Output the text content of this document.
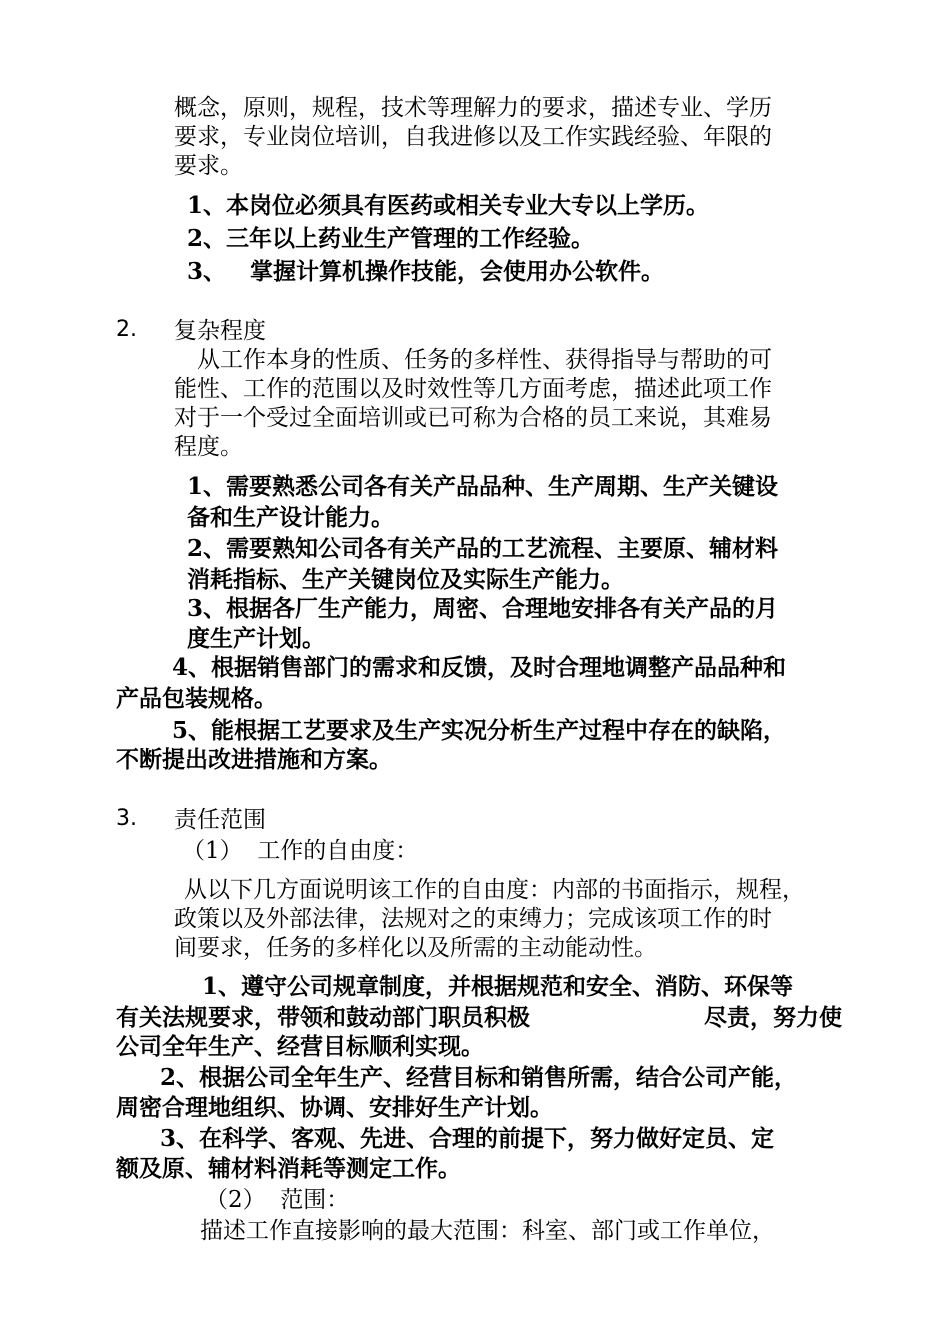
概念，原则，规程，技术等理解力的要求，描述专业、学历
要求，专业岗位培训，自我进修以及工作实践经验、年限的
要求。
1、本岗位必须具有医药或相关专业大专以上学历。
2、三年以上药业生产管理的工作经验。
3、   掌握计算机操作技能，会使用办公软件。
2. 复杂程度
从工作本身的性质、任务的多样性、获得指导与帮助的可
能性、工作的范围以及时效性等几方面考虑，描述此项工作
对于一个受过全面培训或已可称为合格的员工来说，其难易
程度。
1、需要熟悉公司各有关产品品种、生产周期、生产关键设
备和生产设计能力。
2、需要熟知公司各有关产品的工艺流程、主要原、辅材料
消耗指标、生产关键岗位及实际生产能力。
3、根据各厂生产能力，周密、合理地安排各有关产品的月
度生产计划。
4、根据销售部门的需求和反馈，及时合理地调整产品品种和
产品包装规格。
5、能根据工艺要求及生产实况分析生产过程中存在的缺陷，
不断提出改进措施和方案。
3. 责任范围
（1）  工作的自由度：
从以下几方面说明该工作的自由度：内部的书面指示，规程，
政策以及外部法律，法规对之的束缚力；完成该项工作的时
间要求，任务的多样化以及所需的主动能动性。
1、遵守公司规章制度，并根据规范和安全、消防、环保等
有关法规要求，带领和鼓动部门职员积极	尽责，努力使
公司全年生产、经营目标顺利实现。
2、根据公司全年生产、经营目标和销售所需，结合公司产能，
周密合理地组织、协调、安排好生产计划。
3、在科学、客观、先进、合理的前提下，努力做好定员、定
额及原、辅材料消耗等测定工作。
（2）  范围：
描述工作直接影响的最大范围：科室、部门或工作单位，
